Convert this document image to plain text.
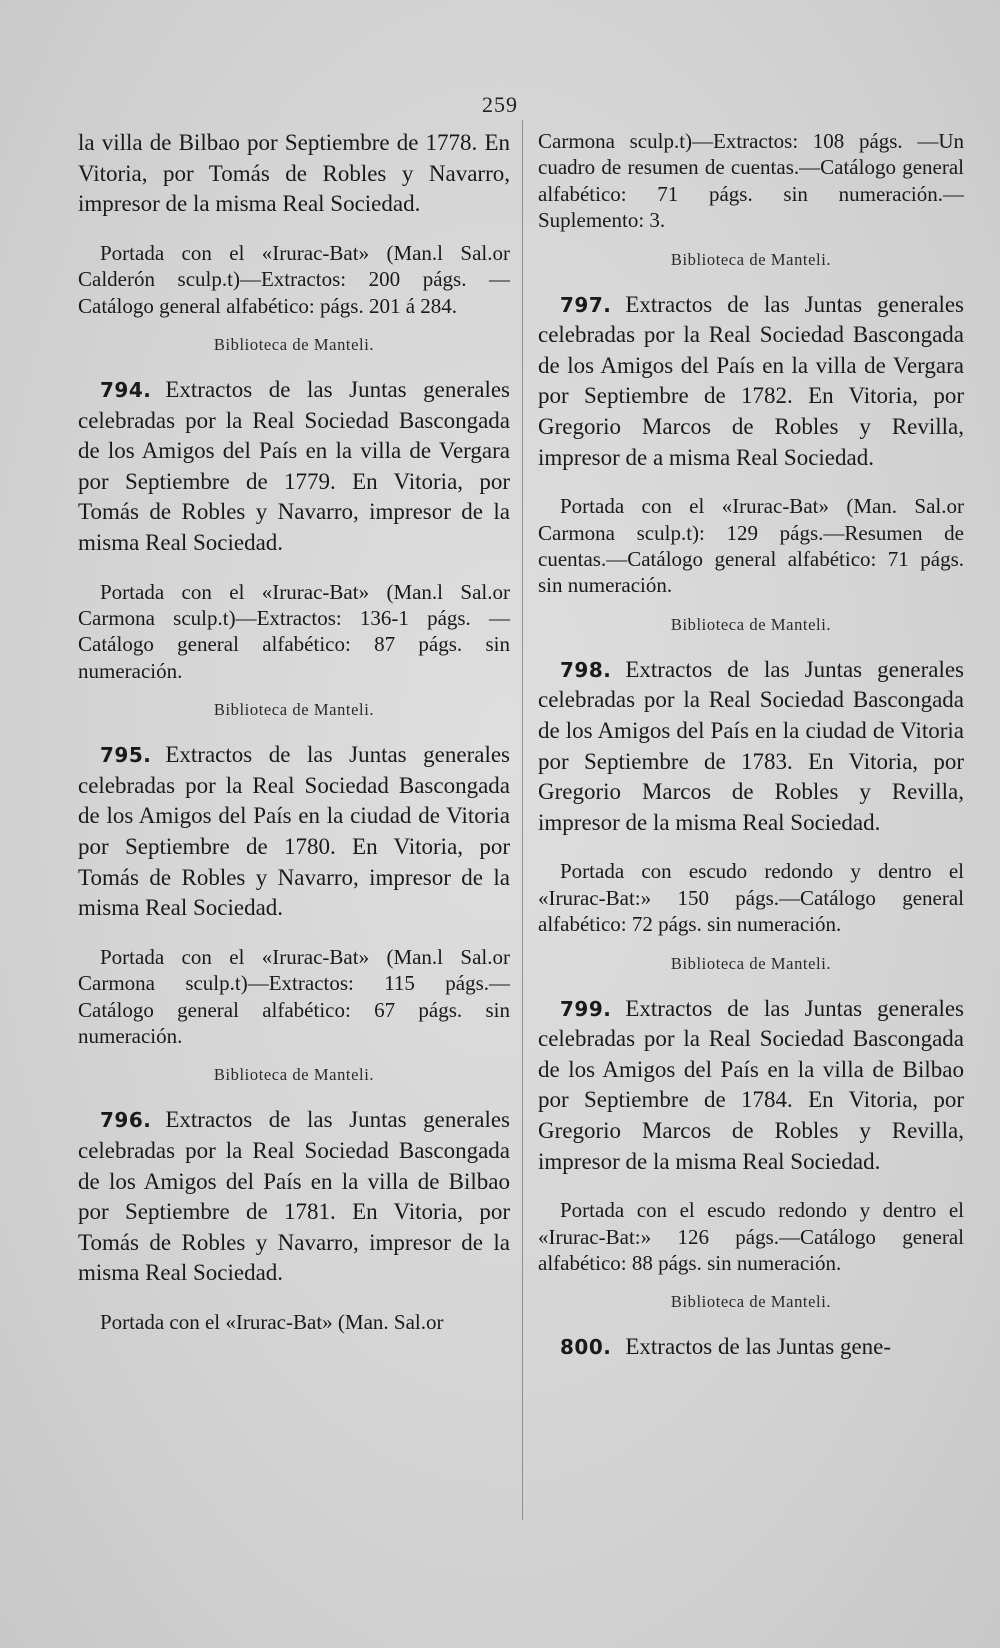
259

la villa de Bilbao por Septiembre de 1778. En Vitoria, por Tomás de Robles y Navarro, impresor de la misma Real Sociedad.

Portada con el «Irurac-Bat» (Man.l Sal.or Calderón sculp.t)—Extractos: 200 págs. —Catálogo general alfabético: págs. 201 á 284.

Biblioteca de Manteli.

794. Extractos de las Juntas generales celebradas por la Real Sociedad Bascongada de los Amigos del País en la villa de Vergara por Septiembre de 1779. En Vitoria, por Tomás de Robles y Navarro, impresor de la misma Real Sociedad.

Portada con el «Irurac-Bat» (Man.l Sal.or Carmona sculp.t)—Extractos: 136-1 págs. —Catálogo general alfabético: 87 págs. sin numeración.

Biblioteca de Manteli.

795. Extractos de las Juntas generales celebradas por la Real Sociedad Bascongada de los Amigos del País en la ciudad de Vitoria por Septiembre de 1780. En Vitoria, por Tomás de Robles y Navarro, impresor de la misma Real Sociedad.

Portada con el «Irurac-Bat» (Man.l Sal.or Carmona sculp.t)—Extractos: 115 págs.— Catálogo general alfabético: 67 págs. sin numeración.

Biblioteca de Manteli.

796. Extractos de las Juntas generales celebradas por la Real Sociedad Bascongada de los Amigos del País en la villa de Bilbao por Septiembre de 1781. En Vitoria, por Tomás de Robles y Navarro, impresor de la misma Real Sociedad.

Portada con el «Irurac-Bat» (Man. Sal.or

Carmona sculp.t)—Extractos: 108 págs. —Un cuadro de resumen de cuentas.—Catálogo general alfabético: 71 págs. sin numeración.—Suplemento: 3.

Biblioteca de Manteli.

797. Extractos de las Juntas generales celebradas por la Real Sociedad Bascongada de los Amigos del País en la villa de Vergara por Septiembre de 1782. En Vitoria, por Gregorio Marcos de Robles y Revilla, impresor de a misma Real Sociedad.

Portada con el «Irurac-Bat» (Man. Sal.or Carmona sculp.t): 129 págs.—Resumen de cuentas.—Catálogo general alfabético: 71 págs. sin numeración.

Biblioteca de Manteli.

798. Extractos de las Juntas generales celebradas por la Real Sociedad Bascongada de los Amigos del País en la ciudad de Vitoria por Septiembre de 1783. En Vitoria, por Gregorio Marcos de Robles y Revilla, impresor de la misma Real Sociedad.

Portada con escudo redondo y dentro el «Irurac-Bat:» 150 págs.—Catálogo general alfabético: 72 págs. sin numeración.

Biblioteca de Manteli.

799. Extractos de las Juntas generales celebradas por la Real Sociedad Bascongada de los Amigos del País en la villa de Bilbao por Septiembre de 1784. En Vitoria, por Gregorio Marcos de Robles y Revilla, impresor de la misma Real Sociedad.

Portada con el escudo redondo y dentro el «Irurac-Bat:» 126 págs.—Catálogo general alfabético: 88 págs. sin numeración.

Biblioteca de Manteli.

800. Extractos de las Juntas gene-
